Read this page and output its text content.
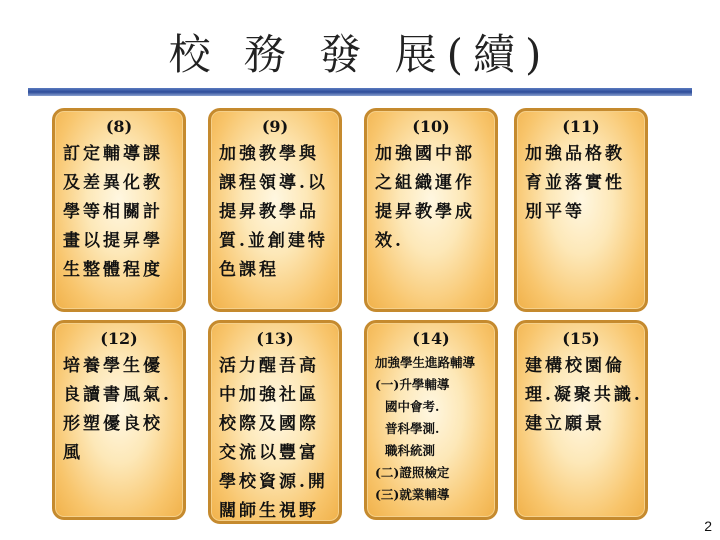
校 務 發 展(續)
(8)
訂定輔導課
及差異化教
學等相關計
畫以提昇學
生整體程度
(9)
加強教學與
課程領導.以
提昇教學品
質.並創建特
色課程
(10)
加強國中部
之組織運作
提昇教學成
效.
(11)
加強品格教
育並落實性
別平等
(12)
培養學生優
良讀書風氣.
形塑優良校
風
(13)
活力醒吾高
中加強社區
校際及國際
交流以豐富
學校資源.開
闊師生視野
(14)
加強學生進路輔導
(一)升學輔導
國中會考.
普科學測.
職科統測
(二)證照檢定
(三)就業輔導
(15)
建構校園倫
理.凝聚共識.
建立願景
2
